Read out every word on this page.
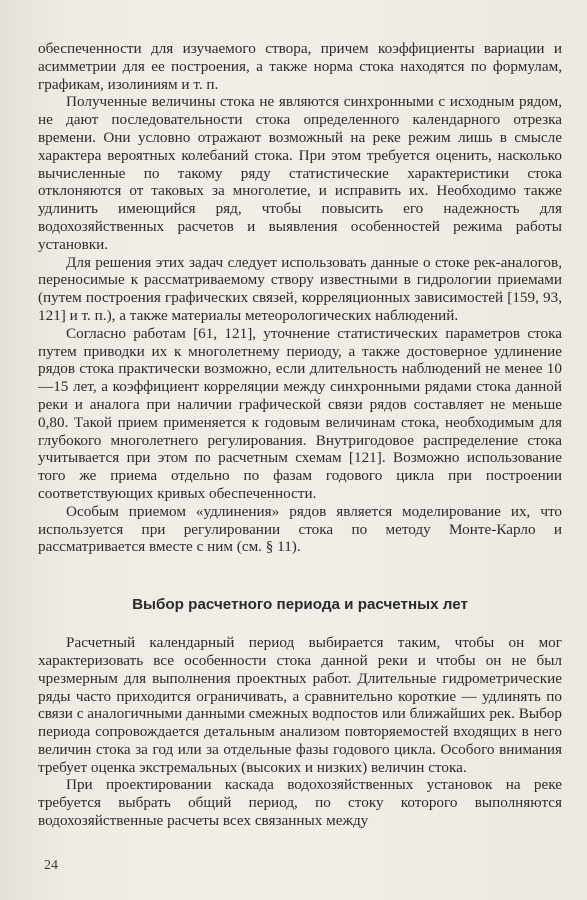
обеспеченности для изучаемого створа, причем коэффициенты вариации и асимметрии для ее построения, а также норма стока находятся по формулам, графикам, изолиниям и т. п.

Полученные величины стока не являются синхронными с исходным рядом, не дают последовательности стока определенного календарного отрезка времени. Они условно отражают возможный на реке режим лишь в смысле характера вероятных колебаний стока. При этом требуется оценить, насколько вычисленные по такому ряду статистические характеристики стока отклоняются от таковых за многолетие, и исправить их. Необходимо также удлинить имеющийся ряд, чтобы повысить его надежность для водохозяйственных расчетов и выявления особенностей режима работы установки.

Для решения этих задач следует использовать данные о стоке рек-аналогов, переносимые к рассматриваемому створу известными в гидрологии приемами (путем построения графических связей, корреляционных зависимостей [159, 93, 121] и т. п.), а также материалы метеорологических наблюдений.

Согласно работам [61, 121], уточнение статистических параметров стока путем приводки их к многолетнему периоду, а также достоверное удлинение рядов стока практически возможно, если длительность наблюдений не менее 10—15 лет, а коэффициент корреляции между синхронными рядами стока данной реки и аналога при наличии графической связи рядов составляет не меньше 0,80. Такой прием применяется к годовым величинам стока, необходимым для глубокого многолетнего регулирования. Внутригодовое распределение стока учитывается при этом по расчетным схемам [121]. Возможно использование того же приема отдельно по фазам годового цикла при построении соответствующих кривых обеспеченности.

Особым приемом «удлинения» рядов является моделирование их, что используется при регулировании стока по методу Монте-Карло и рассматривается вместе с ним (см. § 11).

Выбор расчетного периода и расчетных лет

Расчетный календарный период выбирается таким, чтобы он мог характеризовать все особенности стока данной реки и чтобы он не был чрезмерным для выполнения проектных работ. Длительные гидрометрические ряды часто приходится ограничивать, а сравнительно короткие — удлинять по связи с аналогичными данными смежных водпостов или ближайших рек. Выбор периода сопровождается детальным анализом повторяемостей входящих в него величин стока за год или за отдельные фазы годового цикла. Особого внимания требует оценка экстремальных (высоких и низких) величин стока.

При проектировании каскада водохозяйственных установок на реке требуется выбрать общий период, по стоку которого выполняются водохозяйственные расчеты всех связанных между

24
